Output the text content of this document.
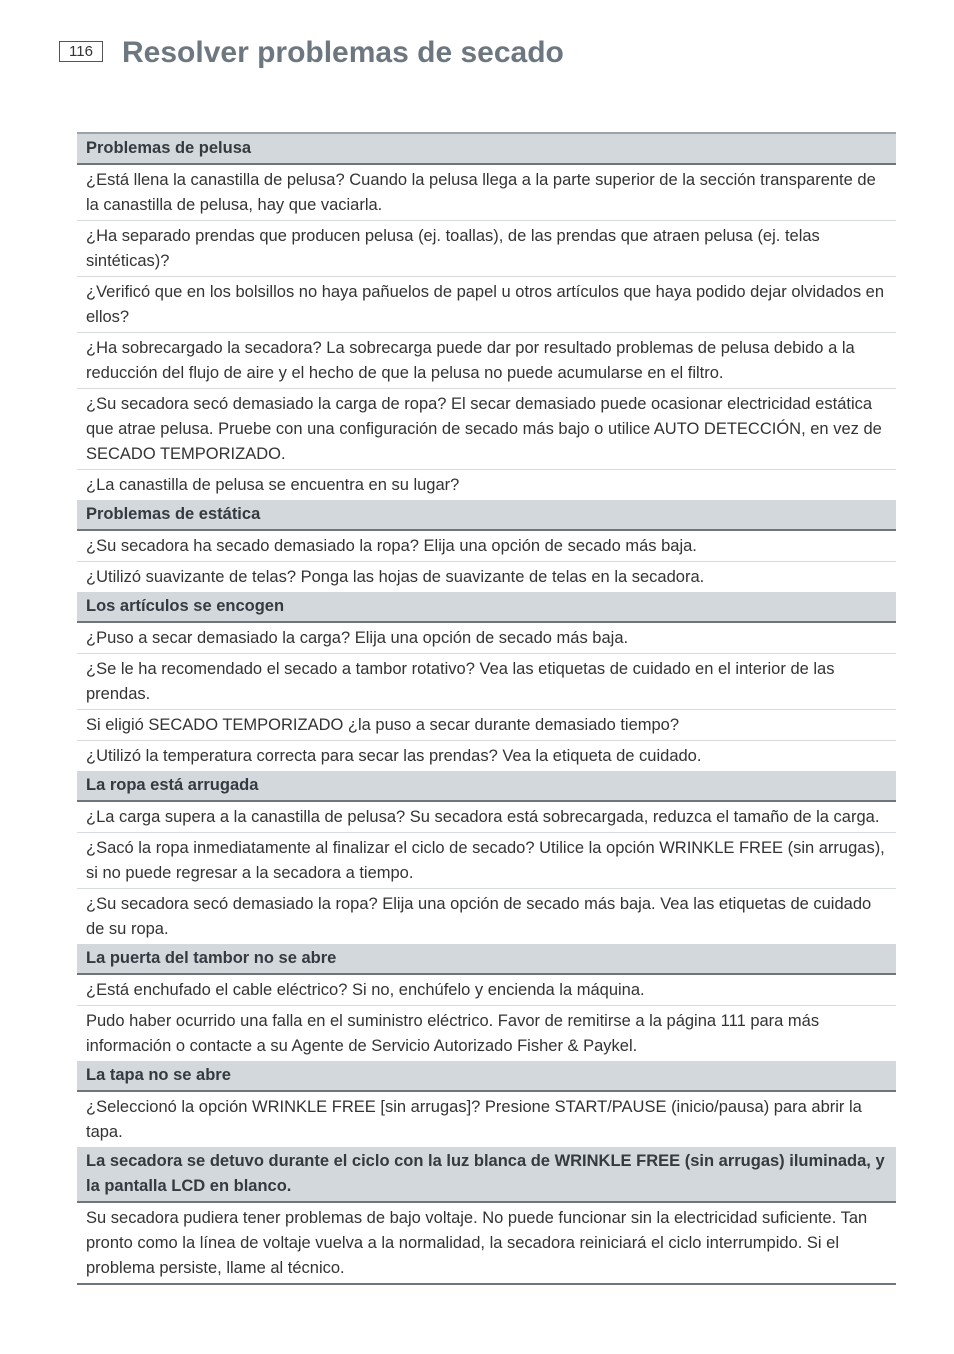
116 Resolver problemas de secado
Problemas de pelusa
¿Está llena la canastilla de pelusa? Cuando la pelusa llega a la parte superior de la sección transparente de la canastilla de pelusa, hay que vaciarla.
¿Ha separado prendas que producen pelusa (ej. toallas), de las prendas que atraen pelusa (ej. telas sintéticas)?
¿Verificó que en los bolsillos no haya pañuelos de papel u otros artículos que haya podido dejar olvidados en ellos?
¿Ha sobrecargado la secadora? La sobrecarga puede dar por resultado problemas de pelusa debido a la reducción del flujo de aire y el hecho de que la pelusa no puede acumularse en el filtro.
¿Su secadora secó demasiado la carga de ropa? El secar demasiado puede ocasionar electricidad estática que atrae pelusa. Pruebe con una configuración de secado más bajo o utilice AUTO DETECCIÓN, en vez de SECADO TEMPORIZADO.
¿La canastilla de pelusa se encuentra en su lugar?
Problemas de estática
¿Su secadora ha secado demasiado la ropa? Elija una opción de secado más baja.
¿Utilizó suavizante de telas? Ponga las hojas de suavizante de telas en la secadora.
Los artículos se encogen
¿Puso a secar demasiado la carga? Elija una opción de secado más baja.
¿Se le ha recomendado el secado a tambor rotativo? Vea las etiquetas de cuidado en el interior de las prendas.
Si eligió SECADO TEMPORIZADO ¿la puso a secar durante demasiado tiempo?
¿Utilizó la temperatura correcta para secar las prendas? Vea la etiqueta de cuidado.
La ropa está arrugada
¿La carga supera a la canastilla de pelusa? Su secadora está sobrecargada, reduzca el tamaño de la carga.
¿Sacó la ropa inmediatamente al finalizar el ciclo de secado? Utilice la opción WRINKLE FREE (sin arrugas), si no puede regresar a la secadora a tiempo.
¿Su secadora secó demasiado la ropa? Elija una opción de secado más baja. Vea las etiquetas de cuidado de su ropa.
La puerta del tambor no se abre
¿Está enchufado el cable eléctrico? Si no, enchúfelo y encienda la máquina.
Pudo haber ocurrido una falla en el suministro eléctrico. Favor de remitirse a la página 111 para más información o contacte a su Agente de Servicio Autorizado Fisher & Paykel.
La tapa no se abre
¿Seleccionó la opción WRINKLE FREE [sin arrugas]? Presione START/PAUSE (inicio/pausa) para abrir la tapa.
La secadora se detuvo durante el ciclo con la luz blanca de WRINKLE FREE (sin arrugas) iluminada, y la pantalla LCD en blanco.
Su secadora pudiera tener problemas de bajo voltaje. No puede funcionar sin la electricidad suficiente. Tan pronto como la línea de voltaje vuelva a la normalidad, la secadora reiniciará el ciclo interrumpido. Si el problema persiste, llame al técnico.
